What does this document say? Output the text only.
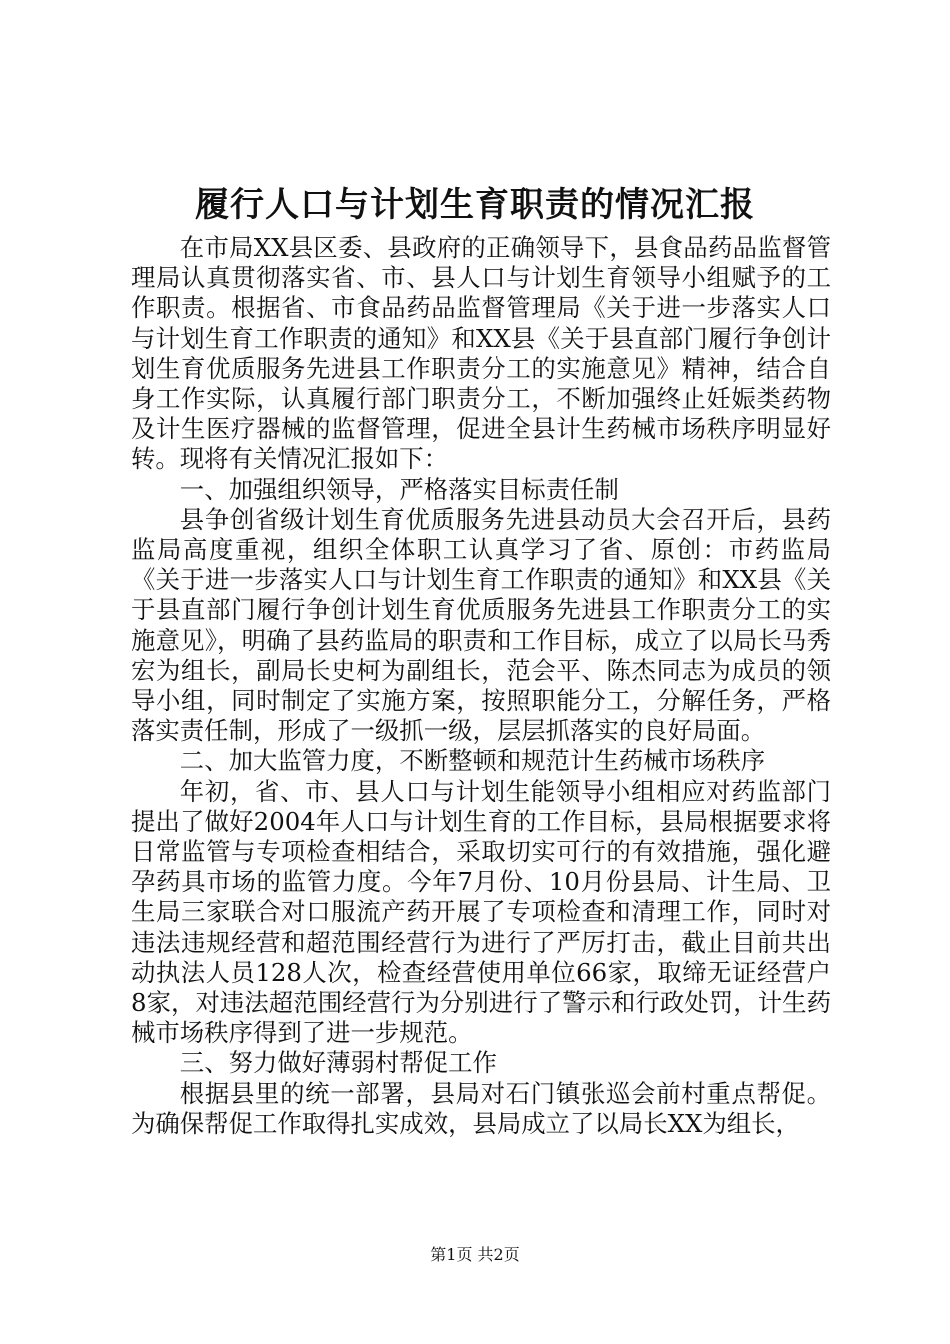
履行人口与计划生育职责的情况汇报

在市局XX县区委、县政府的正确领导下，县食品药品监督管理局认真贯彻落实省、市、县人口与计划生育领导小组赋予的工作职责。根据省、市食品药品监督管理局《关于进一步落实人口与计划生育工作职责的通知》和XX县《关于县直部门履行争创计划生育优质服务先进县工作职责分工的实施意见》精神，结合自身工作实际，认真履行部门职责分工，不断加强终止妊娠类药物及计生医疗器械的监督管理，促进全县计生药械市场秩序明显好转。现将有关情况汇报如下：

一、加强组织领导，严格落实目标责任制

县争创省级计划生育优质服务先进县动员大会召开后，县药监局高度重视，组织全体职工认真学习了省、原创：市药监局《关于进一步落实人口与计划生育工作职责的通知》和XX县《关于县直部门履行争创计划生育优质服务先进县工作职责分工的实施意见》，明确了县药监局的职责和工作目标，成立了以局长马秀宏为组长，副局长史柯为副组长，范会平、陈杰同志为成员的领导小组，同时制定了实施方案，按照职能分工，分解任务，严格落实责任制，形成了一级抓一级，层层抓落实的良好局面。

二、加大监管力度，不断整顿和规范计生药械市场秩序

年初，省、市、县人口与计划生能领导小组相应对药监部门提出了做好2004年人口与计划生育的工作目标，县局根据要求将日常监管与专项检查相结合，采取切实可行的有效措施，强化避孕药具市场的监管力度。今年7月份、10月份县局、计生局、卫生局三家联合对口服流产药开展了专项检查和清理工作，同时对违法违规经营和超范围经营行为进行了严厉打击，截止目前共出动执法人员128人次，检查经营使用单位66家，取缔无证经营户8家，对违法超范围经营行为分别进行了警示和行政处罚，计生药械市场秩序得到了进一步规范。

三、努力做好薄弱村帮促工作

根据县里的统一部署，县局对石门镇张巡会前村重点帮促。为确保帮促工作取得扎实成效，县局成立了以局长XX为组长，

第1页 共2页
